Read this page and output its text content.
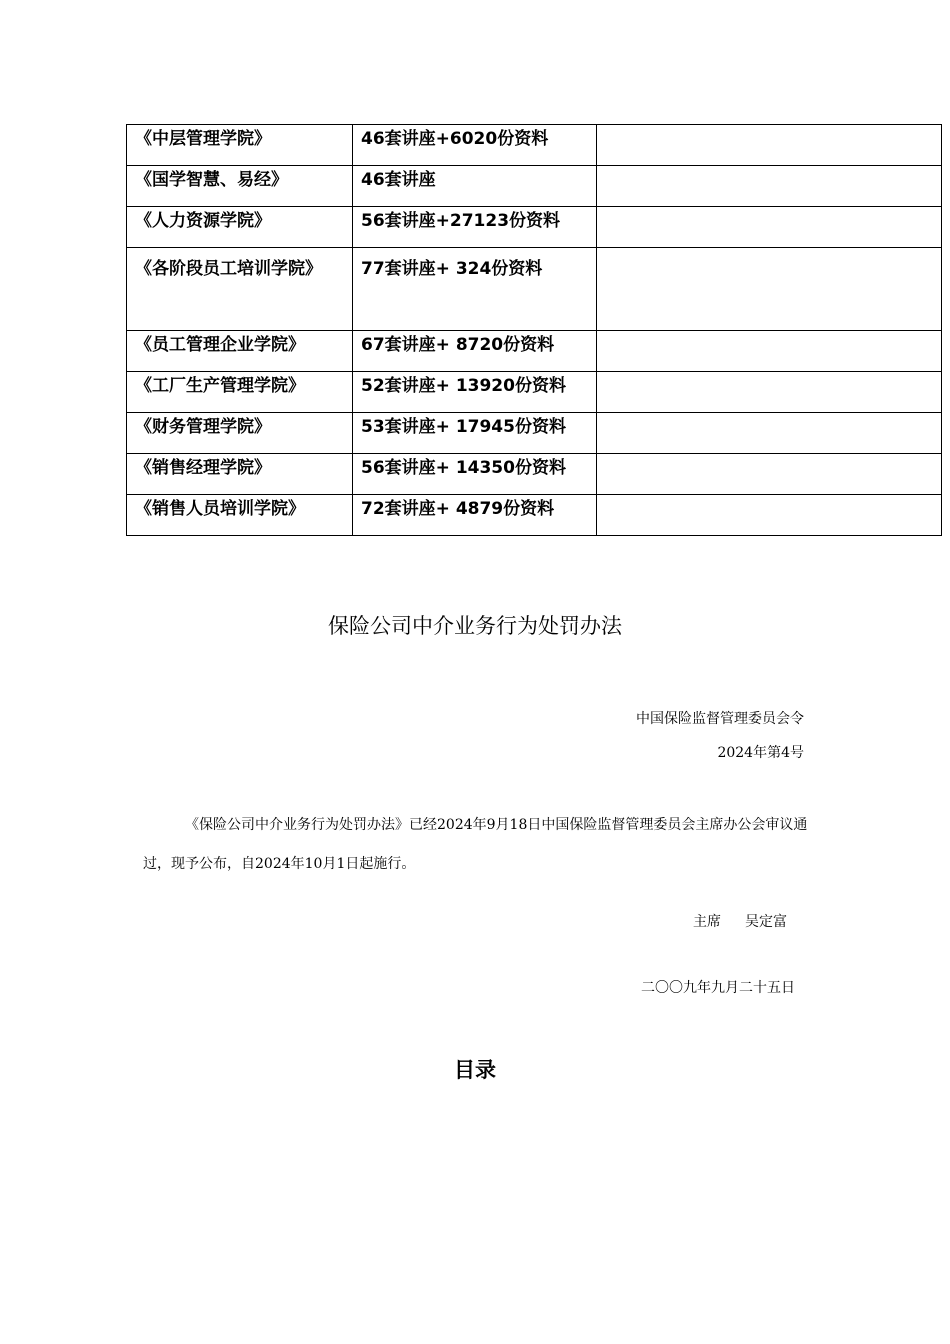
《中层管理学院》	46套讲座+6020份资料	
《国学智慧、易经》	46套讲座	
《人力资源学院》	56套讲座+27123份资料	
《各阶段员工培训学院》	77套讲座+ 324份资料	
《员工管理企业学院》	67套讲座+ 8720份资料	
《工厂生产管理学院》	52套讲座+ 13920份资料	
《财务管理学院》	53套讲座+ 17945份资料	
《销售经理学院》	56套讲座+ 14350份资料	
《销售人员培训学院》	72套讲座+ 4879份资料	
保险公司中介业务行为处罚办法
中国保险监督管理委员会令
2024年第4号
《保险公司中介业务行为处罚办法》已经2024年9月18日中国保险监督管理委员会主席办公会审议通过，现予公布，自2024年10月1日起施行。
主席 吴定富
二〇〇九年九月二十五日
目录
